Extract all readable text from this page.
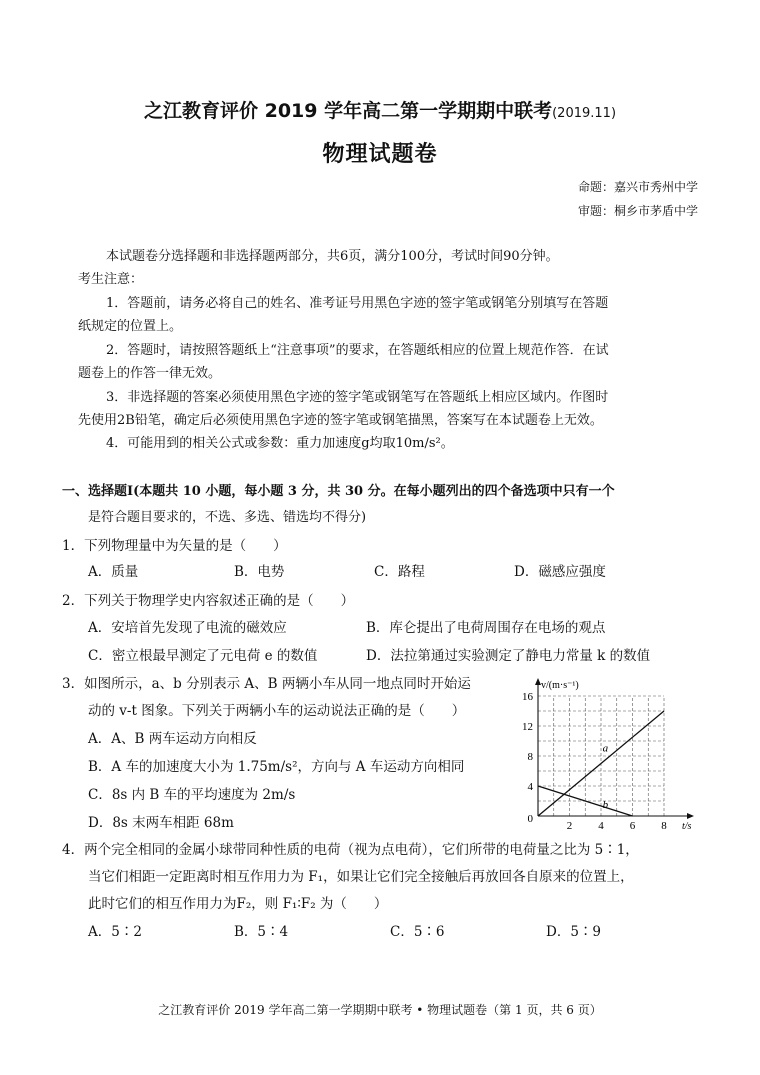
之江教育评价 2019 学年高二第一学期期中联考(2019.11)
物理试题卷
命题：嘉兴市秀州中学
审题：桐乡市茅盾中学
本试题卷分选择题和非选择题两部分，共6页，满分100分，考试时间90分钟。
考生注意：
1．答题前，请务必将自己的姓名、准考证号用黑色字迹的签字笔或钢笔分别填写在答题
纸规定的位置上。
2．答题时，请按照答题纸上“注意事项”的要求，在答题纸相应的位置上规范作答．在试
题卷上的作答一律无效。
3．非选择题的答案必须使用黑色字迹的签字笔或钢笔写在答题纸上相应区域内。作图时
先使用2B铅笔，确定后必须使用黑色字迹的签字笔或钢笔描黑，答案写在本试题卷上无效。
4．可能用到的相关公式或参数：重力加速度g均取10m/s²。
一、选择题Ⅰ(本题共 10 小题，每小题 3 分，共 30 分。在每小题列出的四个备选项中只有一个
是符合题目要求的，不选、多选、错选均不得分)
1．下列物理量中为矢量的是（　　）
A．质量	B．电势	C．路程	D．磁感应强度
2．下列关于物理学史内容叙述正确的是（　　）
A．安培首先发现了电流的磁效应	B．库仑提出了电荷周围存在电场的观点
C．密立根最早测定了元电荷 e 的数值	D．法拉第通过实验测定了静电力常量 k 的数值
3．如图所示，a、b 分别表示 A、B 两辆小车从同一地点同时开始运
动的 v-t 图象。下列关于两辆小车的运动说法正确的是（　　）
A．A、B 两车运动方向相反
B．A 车的加速度大小为 1.75m/s²，方向与 A 车运动方向相同
C．8s 内 B 车的平均速度为 2m/s
D．8s 末两车相距 68m	2 4 6 8
4
8
12
16
0
v/(m·s⁻¹)
t/s
a
b
4．两个完全相同的金属小球带同种性质的电荷（视为点电荷），它们所带的电荷量之比为 5∶1，
当它们相距一定距离时相互作用力为 F₁，如果让它们完全接触后再放回各自原来的位置上，
此时它们的相互作用力为F₂，则 F₁∶F₂ 为（　　）
A．5∶2	B．5∶4	C．5∶6	D．5∶9
之江教育评价 2019 学年高二第一学期期中联考 • 物理试题卷（第 1 页，共 6 页）
